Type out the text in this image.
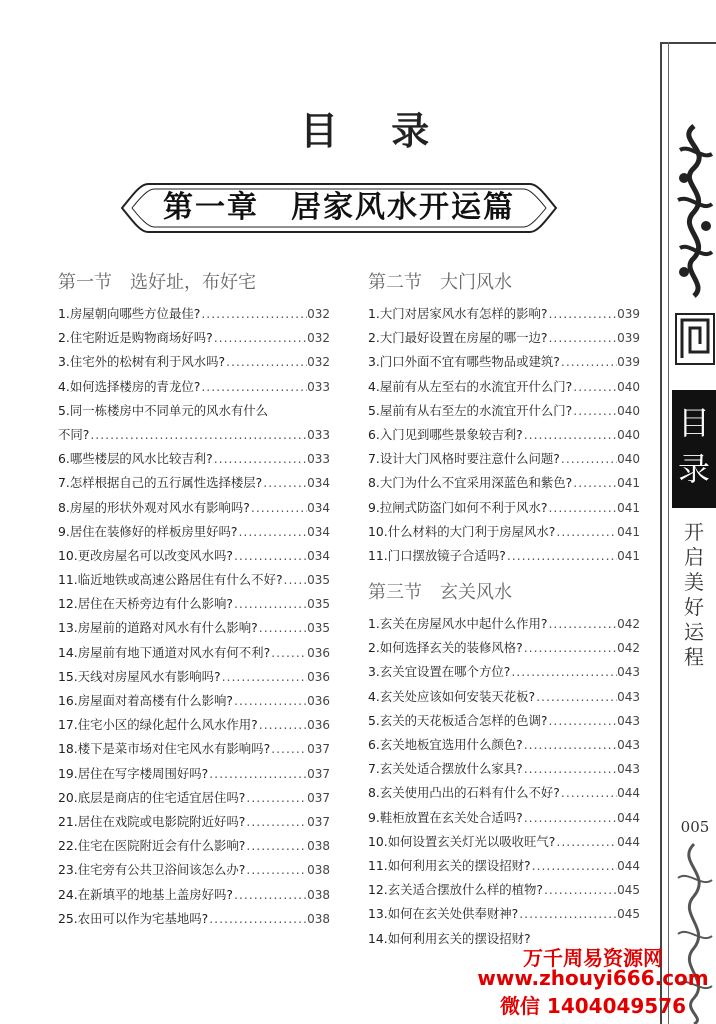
目
录
开
启
美
好
运
程
005
目 录
第一章　居家风水开运篇
第一节　选好址，布好宅
1.房屋朝向哪些方位最佳? .....	032
2.住宅附近是购物商场好吗? .....	032
3.住宅外的松树有利于风水吗? .....	032
4.如何选择楼房的青龙位? .....	033
5.同一栋楼房中不同单元的风水有什么
不同? .....	033
6.哪些楼层的风水比较吉利? .....	033
7.怎样根据自己的五行属性选择楼层? .....	034
8.房屋的形状外观对风水有影响吗? .....	034
9.居住在装修好的样板房里好吗? .....	034
10.更改房屋名可以改变风水吗? .....	034
11.临近地铁或高速公路居住有什么不好? ..... 035
12.居住在天桥旁边有什么影响? .....	035
13.房屋前的道路对风水有什么影响? .....	035
14.房屋前有地下通道对风水有何不利? .....	036
15.天线对房屋风水有影响吗? .....	036
16.房屋面对着高楼有什么影响? .....	036
17.住宅小区的绿化起什么风水作用? .....	036
18.楼下是菜市场对住宅风水有影响吗? .....	037
19.居住在写字楼周围好吗? .....	037
20.底层是商店的住宅适宜居住吗? .....	037
21.居住在戏院或电影院附近好吗? .....	037
22.住宅在医院附近会有什么影响? .....	038
23.住宅旁有公共卫浴间该怎么办? .....	038
24.在新填平的地基上盖房好吗? .....	038
25.农田可以作为宅基地吗? .....	038
第二节　大门风水
1.大门对居家风水有怎样的影响? .....	039
2.大门最好设置在房屋的哪一边? .....	039
3.门口外面不宜有哪些物品或建筑? .....	039
4.屋前有从左至右的水流宜开什么门? .....	040
5.屋前有从右至左的水流宜开什么门? .....	040
6.入门见到哪些景象较吉利? .....	040
7.设计大门风格时要注意什么问题? .....	040
8.大门为什么不宜采用深蓝色和紫色? .....	041
9.拉闸式防盗门如何不利于风水? .....	041
10.什么材料的大门利于房屋风水? .....	041
11.门口摆放镜子合适吗? .....	041
第三节　玄关风水
1.玄关在房屋风水中起什么作用? .....	042
2.如何选择玄关的装修风格? .....	042
3.玄关宜设置在哪个方位? .....	043
4.玄关处应该如何安装天花板? .....	043
5.玄关的天花板适合怎样的色调? .....	043
6.玄关地板宜选用什么颜色? .....	043
7.玄关处适合摆放什么家具? .....	043
8.玄关使用凸出的石料有什么不好? .....	044
9.鞋柜放置在玄关处合适吗? .....	044
10.如何设置玄关灯光以吸收旺气? .....	044
11.如何利用玄关的摆设招财? .....	044
12.玄关适合摆放什么样的植物? .....	045
13.如何在玄关处供奉财神? .....	045
14.如何利用玄关的摆设招财?
万千周易资源网
www.zhouyi666.com
微信 1404049576
